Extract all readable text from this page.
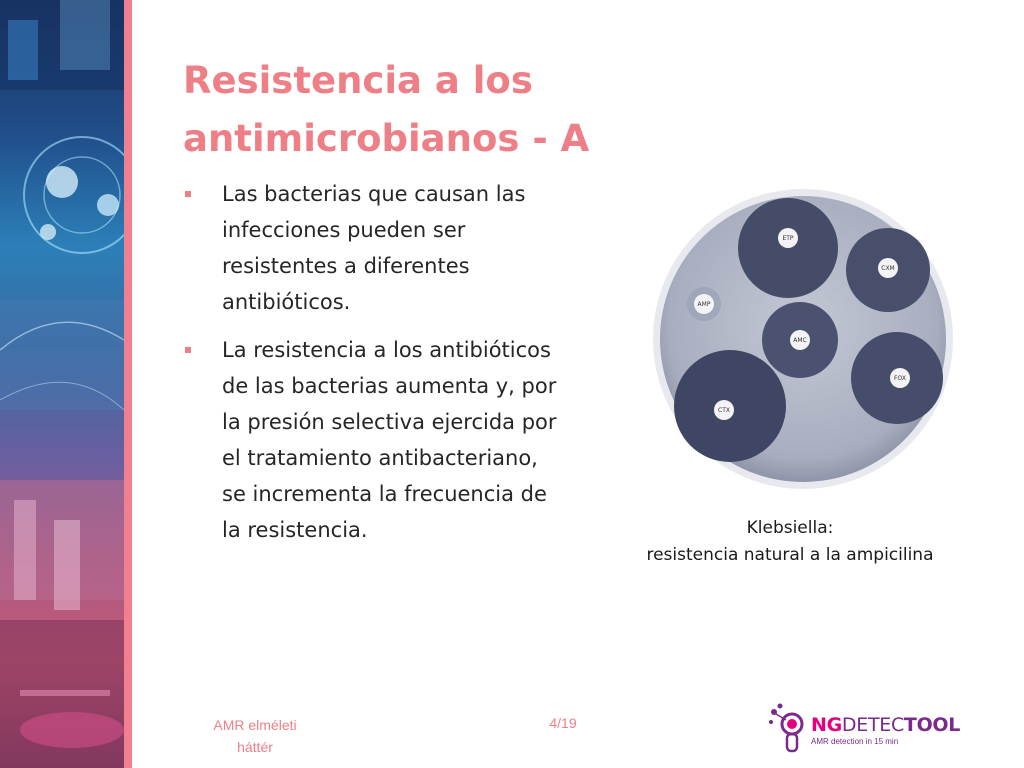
Resistencia a los
antimicrobianos - A
Las bacterias que causan las infecciones pueden ser resistentes a diferentes antibióticos.
La resistencia a los antibióticos de las bacterias aumenta y, por la presión selectiva ejercida por el tratamiento antibacteriano, se incrementa la frecuencia de la resistencia.
ETP
CXM
AMP
AMC
FOX
CTX
Klebsiella:
resistencia natural a la ampicilina
AMR elméleti
háttér
4/19	NGDETECTOOL
AMR detection in 15 min
